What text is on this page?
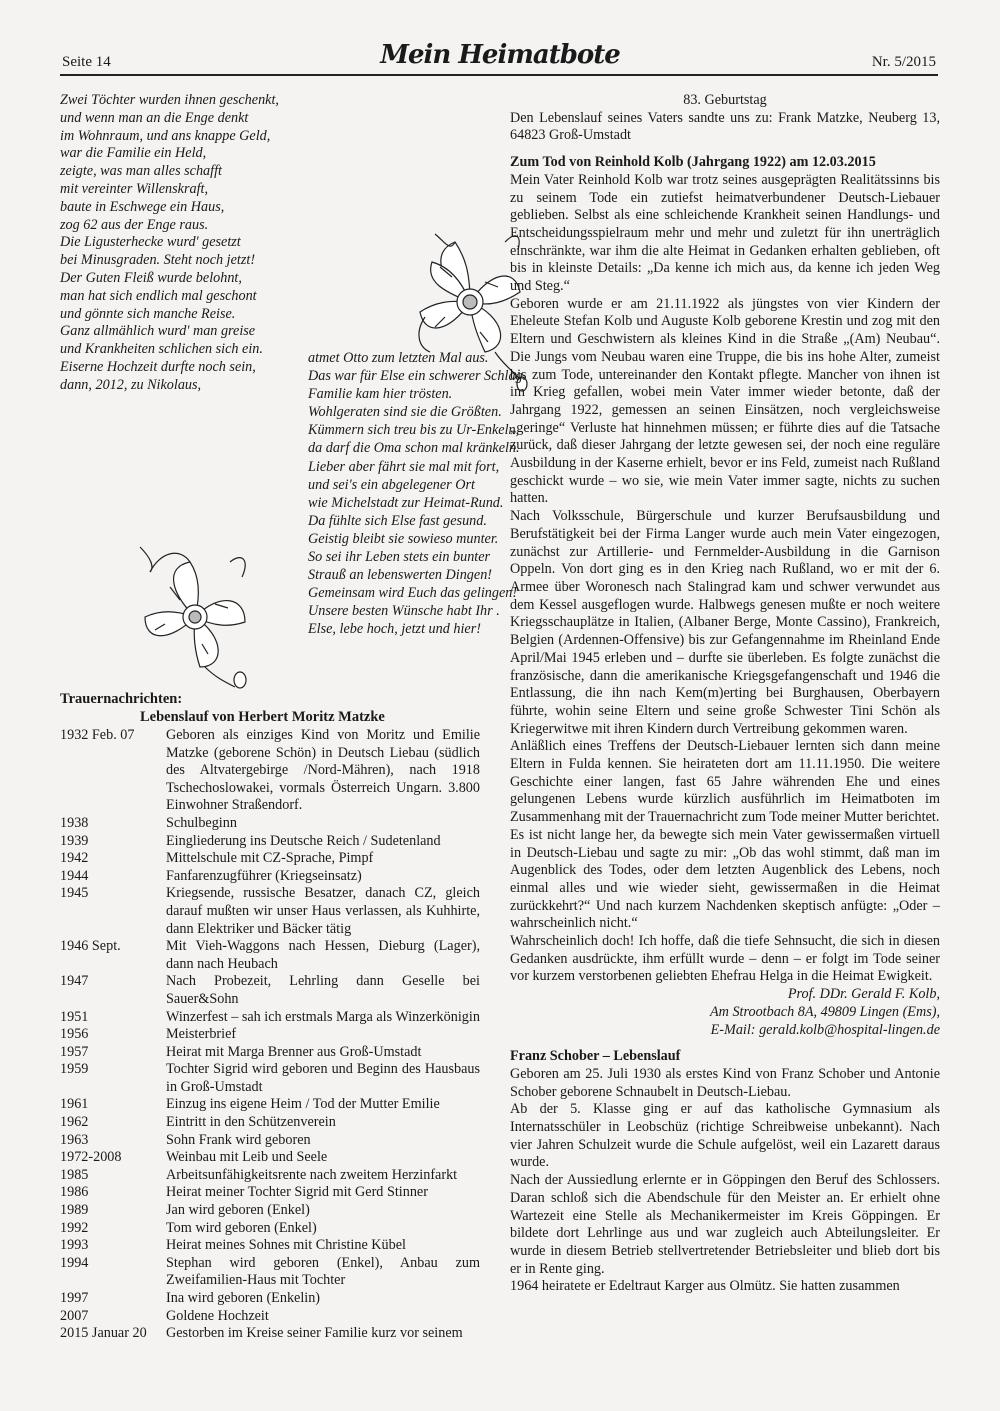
Seite 14	Mein Heimatbote	Nr. 5/2015
Zwei Töchter wurden ihnen geschenkt,
und wenn man an die Enge denkt
im Wohnraum, und ans knappe Geld,
war die Familie ein Held,
zeigte, was man alles schafft
mit vereinter Willenskraft,
baute in Eschwege ein Haus,
zog 62 aus der Enge raus.
Die Ligusterhecke wurd' gesetzt
bei Minusgraden. Steht noch jetzt!
Der Guten Fleiß wurde belohnt,
man hat sich endlich mal geschont
und gönnte sich manche Reise.
Ganz allmählich wurd' man greise
und Krankheiten schlichen sich ein.
Eiserne Hochzeit durfte noch sein,
dann, 2012, zu Nikolaus,
atmet Otto zum letzten Mal aus.
Das war für Else ein schwerer Schlag.
Familie kam hier trösten.
Wohlgeraten sind sie die Größten.
Kümmern sich treu bis zu Ur-Enkeln,
da darf die Oma schon mal kränkeln.
Lieber aber fährt sie mal mit fort,
und sei's ein abgelegener Ort
wie Michelstadt zur Heimat-Rund.
Da fühlte sich Else fast gesund.
Geistig bleibt sie sowieso munter.
So sei ihr Leben stets ein bunter
Strauß an lebenswerten Dingen!
Gemeinsam wird Euch das gelingen!
Unsere besten Wünsche habt Ihr .
Else, lebe hoch, jetzt und hier!
Trauernachrichten:
Lebenslauf von Herbert Moritz Matzke
1932 Feb. 07	Geboren als einziges Kind von Moritz und Emilie Matzke (geborene Schön) in Deutsch Liebau (südlich des Altvatergebirge /Nord-Mähren), nach 1918 Tschechoslowakei, vormals Österreich Ungarn. 3.800 Einwohner Straßendorf.
1938	Schulbeginn
1939	Eingliederung ins Deutsche Reich / Sudetenland
1942	Mittelschule mit CZ-Sprache, Pimpf
1944	Fanfarenzugführer (Kriegseinsatz)
1945	Kriegsende, russische Besatzer, danach CZ, gleich darauf mußten wir unser Haus verlassen, als Kuhhirte, dann Elektriker und Bäcker tätig
1946 Sept.	Mit Vieh-Waggons nach Hessen, Dieburg (Lager), dann nach Heubach
1947	Nach Probezeit, Lehrling dann Geselle bei Sauer&Sohn
1951	Winzerfest – sah ich erstmals Marga als Winzerkönigin
1956	Meisterbrief
1957	Heirat mit Marga Brenner aus Groß-Umstadt
1959	Tochter Sigrid wird geboren und Beginn des Hausbaus in Groß-Umstadt
1961	Einzug ins eigene Heim / Tod der Mutter Emilie
1962	Eintritt in den Schützenverein
1963	Sohn Frank wird geboren
1972-2008	Weinbau mit Leib und Seele
1985	Arbeitsunfähigkeitsrente nach zweitem Herzinfarkt
1986	Heirat meiner Tochter Sigrid mit Gerd Stinner
1989	Jan wird geboren (Enkel)
1992	Tom wird geboren (Enkel)
1993	Heirat meines Sohnes mit Christine Kübel
1994	Stephan wird geboren (Enkel), Anbau zum Zweifamilien-Haus mit Tochter
1997	Ina wird geboren (Enkelin)
2007	Goldene Hochzeit
2015 Januar 20	Gestorben im Kreise seiner Familie kurz vor seinem

83. Geburtstag

Den Lebenslauf seines Vaters sandte uns zu: Frank Matzke, Neuberg 13, 64823 Groß-Umstadt

Zum Tod von Reinhold Kolb (Jahrgang 1922) am 12.03.2015

Mein Vater Reinhold Kolb war trotz seines ausgeprägten Realitätssinns bis zu seinem Tode ein zutiefst heimatverbundener Deutsch-Liebauer geblieben. Selbst als eine schleichende Krankheit seinen Handlungs- und Entscheidungsspielraum mehr und mehr und zuletzt für ihn unerträglich einschränkte, war ihm die alte Heimat in Gedanken erhalten geblieben, oft bis in kleinste Details: „Da kenne ich mich aus, da kenne ich jeden Weg und Steg.“

Geboren wurde er am 21.11.1922 als jüngstes von vier Kindern der Eheleute Stefan Kolb und Auguste Kolb geborene Krestin und zog mit den Eltern und Geschwistern als kleines Kind in die Straße „(Am) Neubau“. Die Jungs vom Neubau waren eine Truppe, die bis ins hohe Alter, zumeist bis zum Tode, untereinander den Kontakt pflegte. Mancher von ihnen ist im Krieg gefallen, wobei mein Vater immer wieder betonte, daß der Jahrgang 1922, gemessen an seinen Einsätzen, noch vergleichsweise „geringe“ Verluste hat hinnehmen müssen; er führte dies auf die Tatsache zurück, daß dieser Jahrgang der letzte gewesen sei, der noch eine reguläre Ausbildung in der Kaserne erhielt, bevor er ins Feld, zumeist nach Rußland geschickt wurde – wo sie, wie mein Vater immer sagte, nichts zu suchen hatten.

Nach Volksschule, Bürgerschule und kurzer Berufsausbildung und Berufstätigkeit bei der Firma Langer wurde auch mein Vater eingezogen, zunächst zur Artillerie- und Fernmelder-Ausbildung in die Garnison Oppeln. Von dort ging es in den Krieg nach Rußland, wo er mit der 6. Armee über Woronesch nach Stalingrad kam und schwer verwundet aus dem Kessel ausgeflogen wurde. Halbwegs genesen mußte er noch weitere Kriegsschauplätze in Italien, (Albaner Berge, Monte Cassino), Frankreich, Belgien (Ardennen-Offensive) bis zur Gefangennahme im Rheinland Ende April/Mai 1945 erleben und – durfte sie überleben. Es folgte zunächst die französische, dann die amerikanische Kriegsgefangenschaft und 1946 die Entlassung, die ihn nach Kem(m)erting bei Burghausen, Oberbayern führte, wohin seine Eltern und seine große Schwester Tini Schön als Kriegerwitwe mit ihren Kindern durch Vertreibung gekommen waren.

Anläßlich eines Treffens der Deutsch-Liebauer lernten sich dann meine Eltern in Fulda kennen. Sie heirateten dort am 11.11.1950. Die weitere Geschichte einer langen, fast 65 Jahre währenden Ehe und eines gelungenen Lebens wurde kürzlich ausführlich im Heimatboten im Zusammenhang mit der Trauernachricht zum Tode meiner Mutter berichtet.

Es ist nicht lange her, da bewegte sich mein Vater gewissermaßen virtuell in Deutsch-Liebau und sagte zu mir: „Ob das wohl stimmt, daß man im Augenblick des Todes, oder dem letzten Augenblick des Lebens, noch einmal alles und wie wieder sieht, gewissermaßen in die Heimat zurückkehrt?“ Und nach kurzem Nachdenken skeptisch anfügte: „Oder – wahrscheinlich nicht.“

Wahrscheinlich doch! Ich hoffe, daß die tiefe Sehnsucht, die sich in diesen Gedanken ausdrückte, ihm erfüllt wurde – denn – er folgt im Tode seiner vor kurzem verstorbenen geliebten Ehefrau Helga in die Heimat Ewigkeit.

Prof. DDr. Gerald F. Kolb,
Am Strootbach 8A, 49809 Lingen (Ems),
E-Mail: gerald.kolb@hospital-lingen.de

Franz Schober – Lebenslauf

Geboren am 25. Juli 1930 als erstes Kind von Franz Schober und Antonie Schober geborene Schnaubelt in Deutsch-Liebau.

Ab der 5. Klasse ging er auf das katholische Gymnasium als Internatsschüler in Leobschüz (richtige Schreibweise unbekannt). Nach vier Jahren Schulzeit wurde die Schule aufgelöst, weil ein Lazarett daraus wurde.

Nach der Aussiedlung erlernte er in Göppingen den Beruf des Schlossers. Daran schloß sich die Abendschule für den Meister an. Er erhielt ohne Wartezeit eine Stelle als Mechanikermeister im Kreis Göppingen. Er bildete dort Lehrlinge aus und war zugleich auch Abteilungsleiter. Er wurde in diesem Betrieb stellvertretender Betriebsleiter und blieb dort bis er in Rente ging.

1964 heiratete er Edeltraut Karger aus Olmütz. Sie hatten zusammen
